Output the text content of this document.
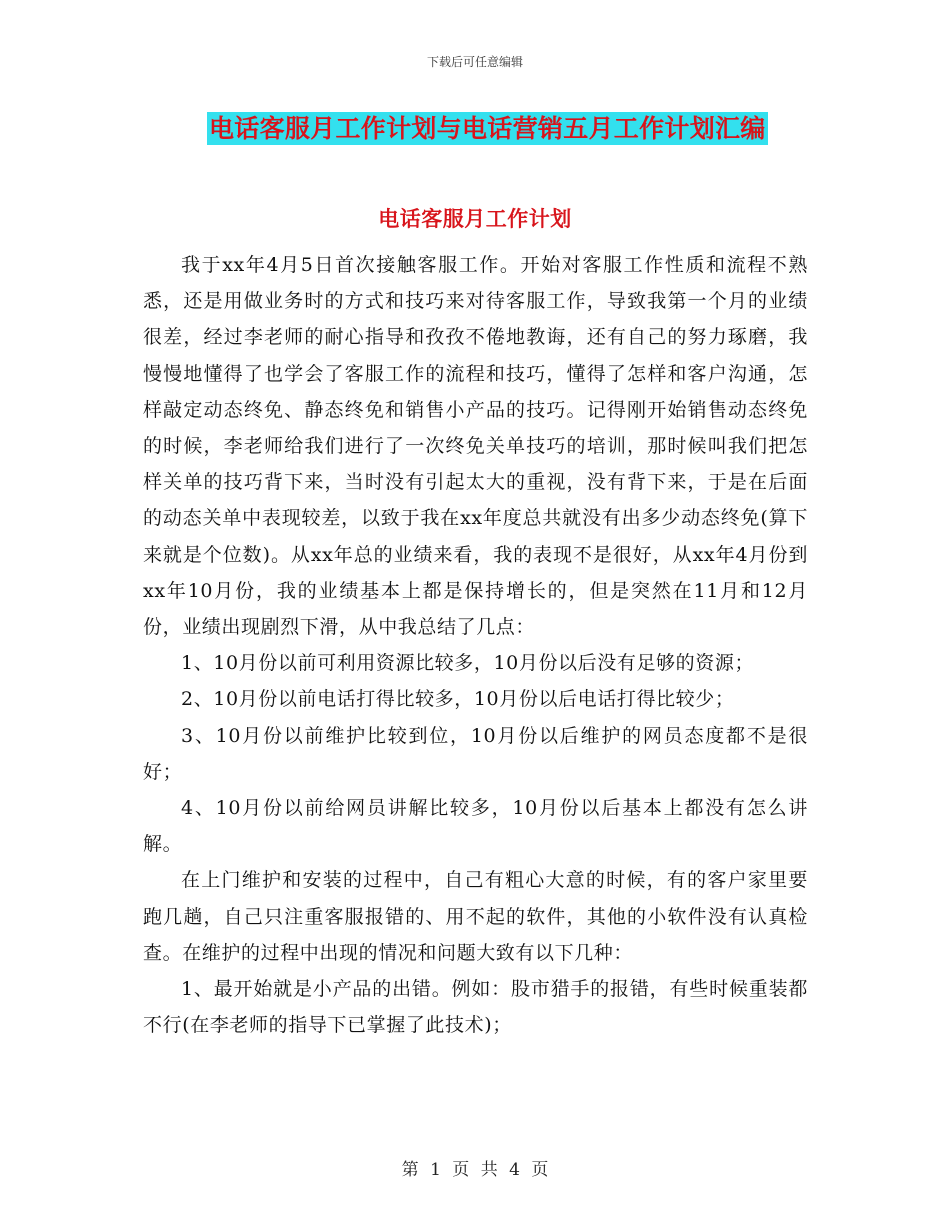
下载后可任意编辑
电话客服月工作计划与电话营销五月工作计划汇编
电话客服月工作计划

我于xx年4月5日首次接触客服工作。开始对客服工作性质和流程不熟悉，还是用做业务时的方式和技巧来对待客服工作，导致我第一个月的业绩很差，经过李老师的耐心指导和孜孜不倦地教诲，还有自己的努力琢磨，我慢慢地懂得了也学会了客服工作的流程和技巧，懂得了怎样和客户沟通，怎样敲定动态终免、静态终免和销售小产品的技巧。记得刚开始销售动态终免的时候，李老师给我们进行了一次终免关单技巧的培训，那时候叫我们把怎样关单的技巧背下来，当时没有引起太大的重视，没有背下来，于是在后面的动态关单中表现较差，以致于我在xx年度总共就没有出多少动态终免(算下来就是个位数)。从xx年总的业绩来看，我的表现不是很好，从xx年4月份到xx年10月份，我的业绩基本上都是保持增长的，但是突然在11月和12月份，业绩出现剧烈下滑，从中我总结了几点：

1、10月份以前可利用资源比较多，10月份以后没有足够的资源；

2、10月份以前电话打得比较多，10月份以后电话打得比较少；

3、10月份以前维护比较到位，10月份以后维护的网员态度都不是很好；

4、10月份以前给网员讲解比较多，10月份以后基本上都没有怎么讲解。

在上门维护和安装的过程中，自己有粗心大意的时候，有的客户家里要跑几趟，自己只注重客服报错的、用不起的软件，其他的小软件没有认真检查。在维护的过程中出现的情况和问题大致有以下几种：

1、最开始就是小产品的出错。例如：股市猎手的报错，有些时候重装都不行(在李老师的指导下已掌握了此技术)；

第 1 页 共 4 页
